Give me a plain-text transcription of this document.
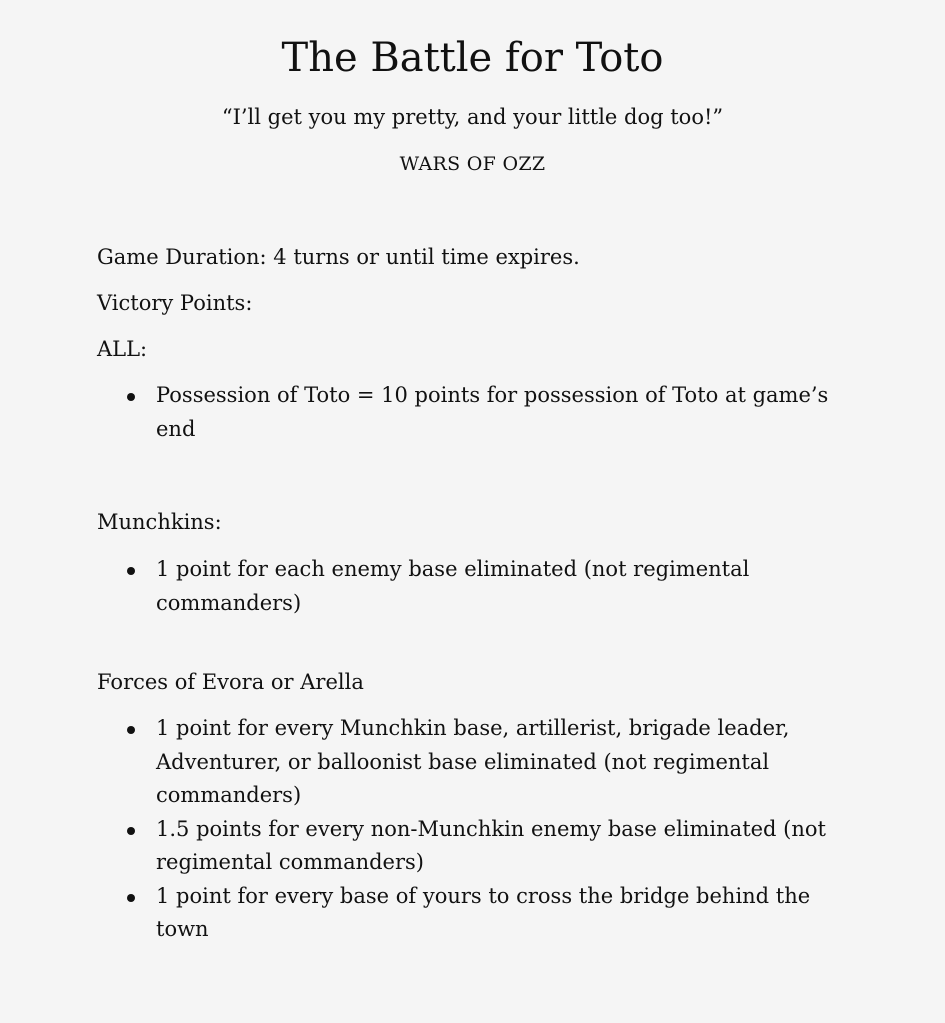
The Battle for Toto
“I’ll get you my pretty, and your little dog too!”
WARS OF OZZ
Game Duration: 4 turns or until time expires.
Victory Points:
ALL:
Possession of Toto = 10 points for possession of Toto at game’s end
Munchkins:
1 point for each enemy base eliminated (not regimental commanders)
Forces of Evora or Arella
1 point for every Munchkin base, artillerist, brigade leader, Adventurer, or balloonist base eliminated (not regimental commanders)
1.5 points for every non-Munchkin enemy base eliminated (not regimental commanders)
1 point for every base of yours to cross the bridge behind the town
